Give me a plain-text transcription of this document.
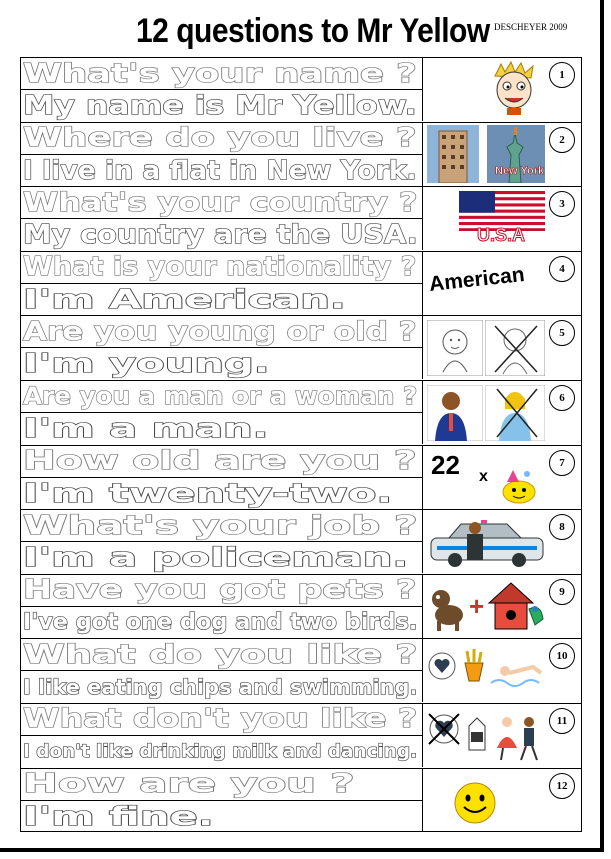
12 questions to Mr Yellow DESCHEYER 2009
What's your name ?
My name is Mr Yellow.
1
Where do you live ?
I live in a flat in New York.	New York
2
What's your country ?
My country are the USA.	U.S.A
3
What is your nationality ?
I'm American.
American	4
Are you young or old ?
I'm young.
5
Are you a man or a woman ?
I'm a man.
6
How old are you ?
I'm twenty-two.
22 x
7
What's your job ?
I'm a policeman.
8
Have you got pets ?
I've got one dog and two birds.
+	9
What do you like ?
I like eating chips and swimming.
10
What don't you like ?
I don't like drinking milk and dancing.
11
How are you ?
I'm fine.
12
